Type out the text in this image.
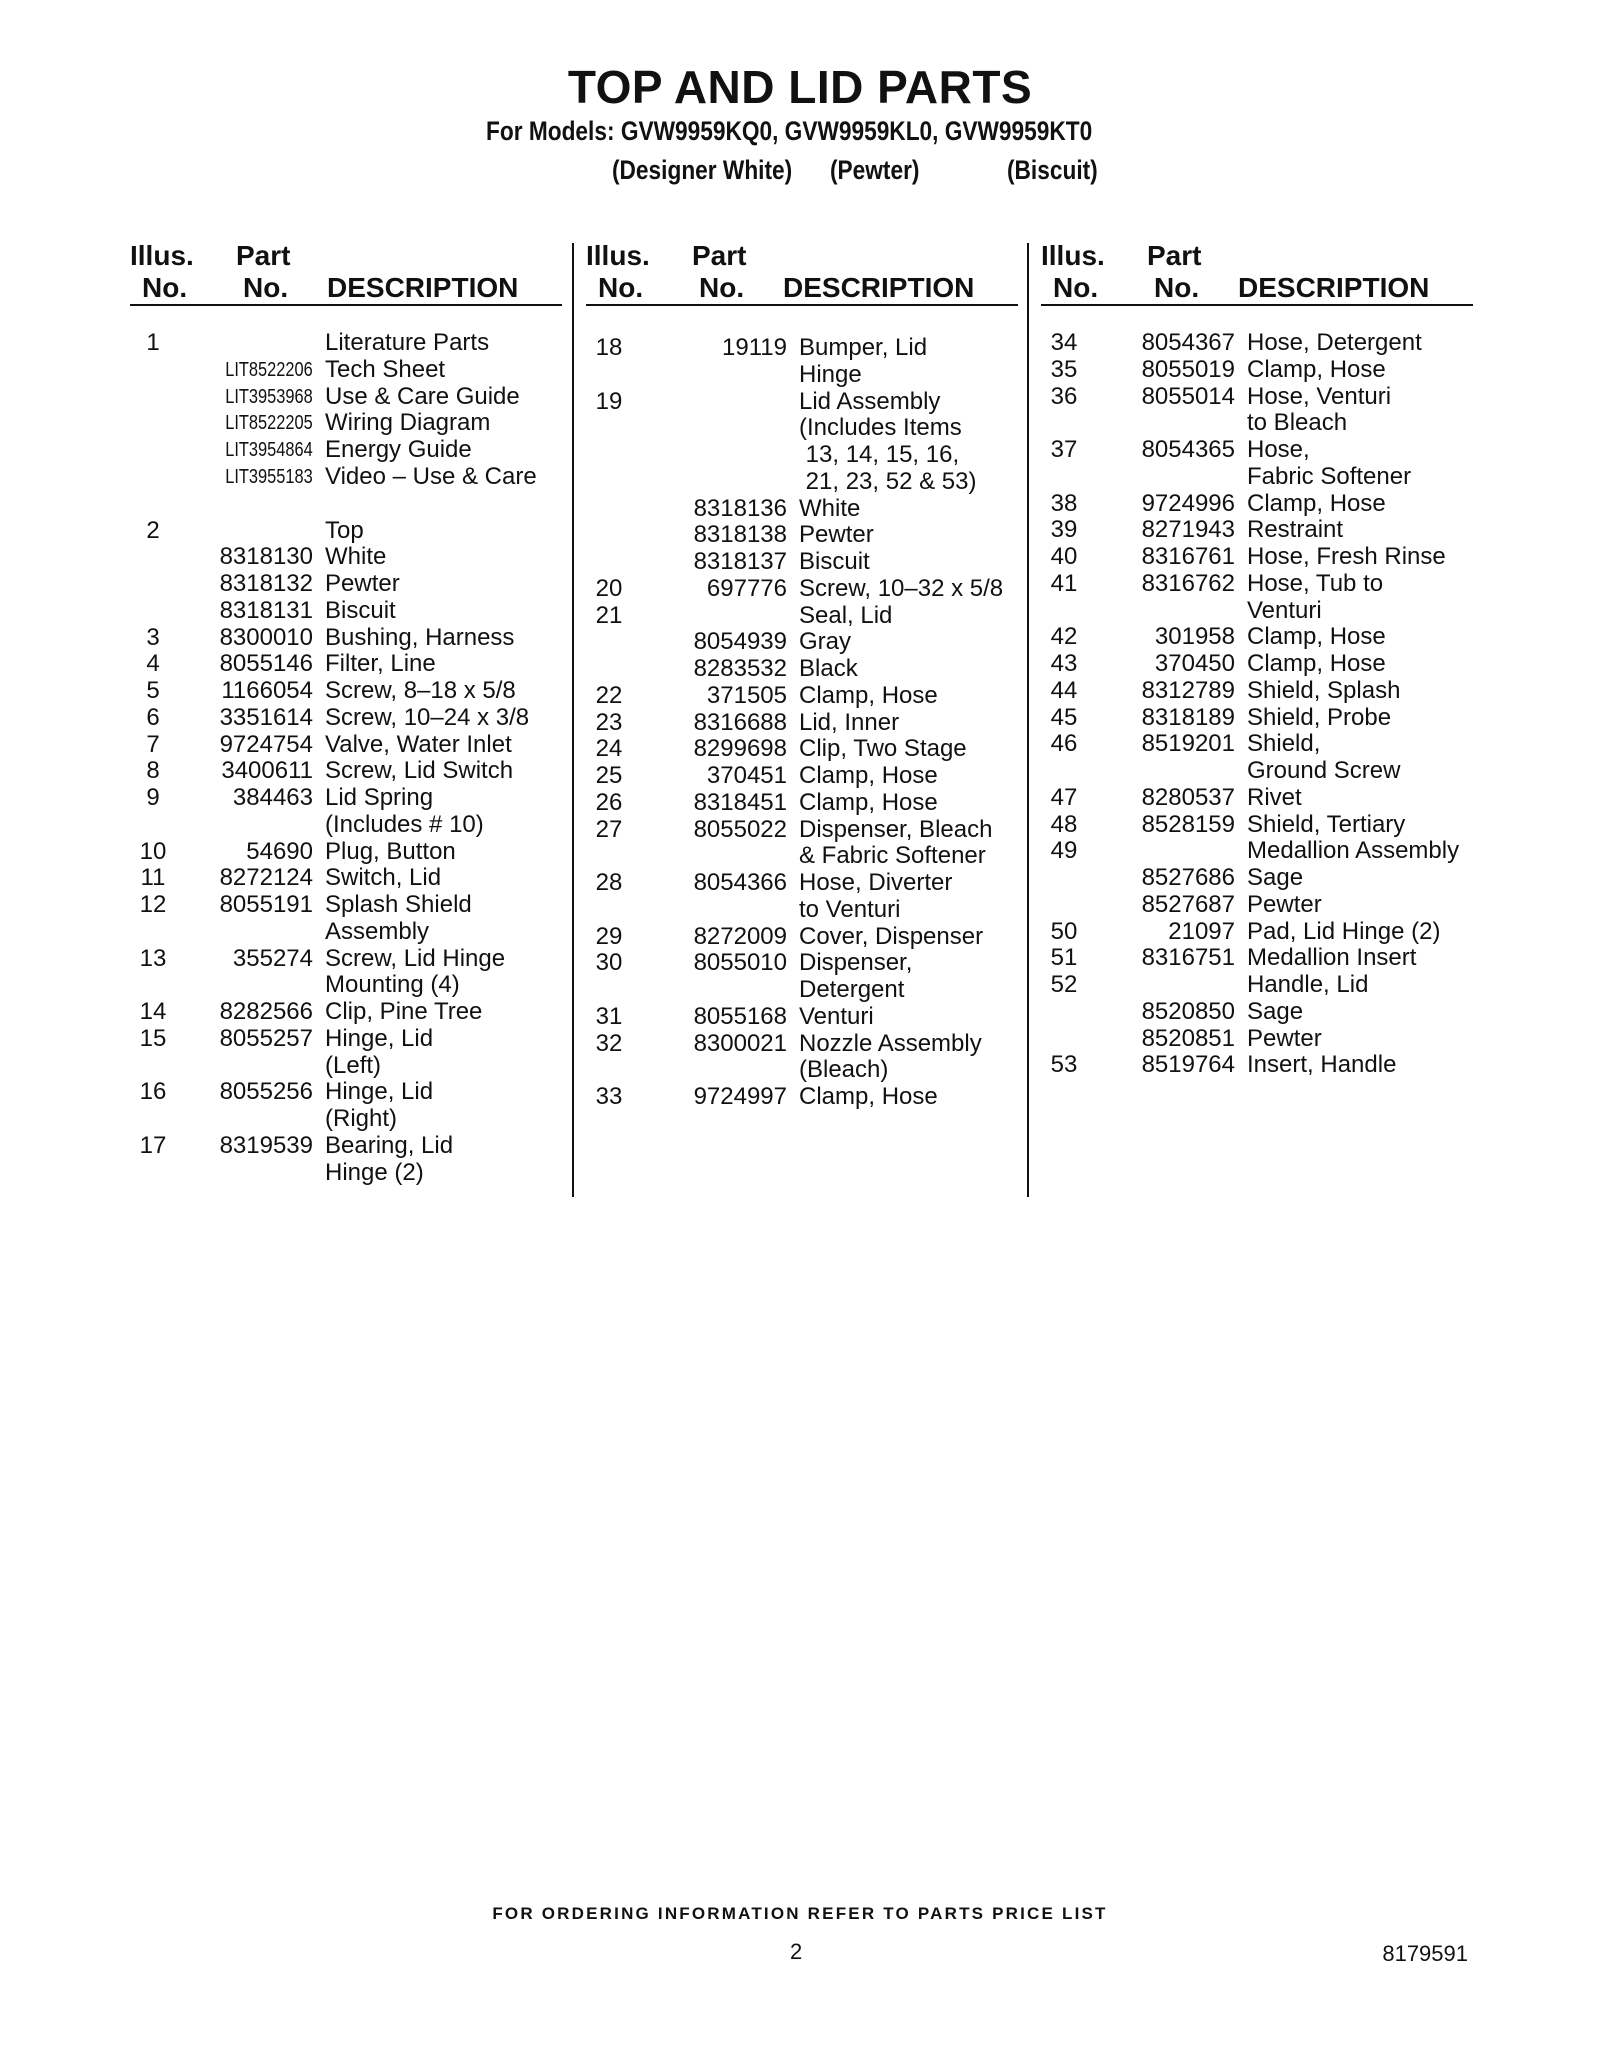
TOP AND LID PARTS
For Models: GVW9959KQ0, GVW9959KL0, GVW9959KT0
(Designer White) (Pewter)	(Biscuit)
Illus.
No.
Part
No. DESCRIPTION
Illus.
No.
Part
No. DESCRIPTION
Illus.
No.
Part
No. DESCRIPTION
1	Literature Parts
LIT8522206 Tech Sheet
LIT3953968 Use & Care Guide
LIT8522205 Wiring Diagram
LIT3954864 Energy Guide
LIT3955183 Video – Use & Care
2	Top
8318130 White
8318132 Pewter
8318131 Biscuit
3	8300010 Bushing, Harness
4	8055146 Filter, Line
5	1166054 Screw, 8–18 x 5/8
6	3351614 Screw, 10–24 x 3/8
7	9724754 Valve, Water Inlet
8	3400611 Screw, Lid Switch
9	384463 Lid Spring
(Includes # 10)
10	54690 Plug, Button
11 8272124 Switch, Lid
12 8055191 Splash Shield
Assembly
13	355274 Screw, Lid Hinge
Mounting (4)
14 8282566 Clip, Pine Tree
15 8055257 Hinge, Lid
(Left)
16 8055256 Hinge, Lid
(Right)
17 8319539 Bearing, Lid
Hinge (2)
18	19119 Bumper, Lid
Hinge
19	Lid Assembly
(Includes Items
13, 14, 15, 16,
21, 23, 52 & 53)
8318136 White
8318138 Pewter
8318137 Biscuit
20	697776 Screw, 10–32 x 5/8
21	Seal, Lid
8054939 Gray
8283532 Black
22	371505 Clamp, Hose
23	8316688 Lid, Inner
24	8299698 Clip, Two Stage
25	370451 Clamp, Hose
26	8318451 Clamp, Hose
27	8055022 Dispenser, Bleach
& Fabric Softener
28	8054366 Hose, Diverter
to Venturi
29	8272009 Cover, Dispenser
30	8055010 Dispenser,
Detergent
31	8055168 Venturi
32	8300021 Nozzle Assembly
(Bleach)
33	9724997 Clamp, Hose
34	8054367 Hose, Detergent
35	8055019 Clamp, Hose
36	8055014 Hose, Venturi
to Bleach
37	8054365 Hose,
Fabric Softener
38	9724996 Clamp, Hose
39	8271943 Restraint
40	8316761 Hose, Fresh Rinse
41	8316762 Hose, Tub to
Venturi
42	301958 Clamp, Hose
43	370450 Clamp, Hose
44	8312789 Shield, Splash
45	8318189 Shield, Probe
46	8519201 Shield,
Ground Screw
47	8280537 Rivet
48	8528159 Shield, Tertiary
49	Medallion Assembly
8527686 Sage
8527687 Pewter
50	21097 Pad, Lid Hinge (2)
51	8316751 Medallion Insert
52	Handle, Lid
8520850 Sage
8520851 Pewter
53	8519764 Insert, Handle
FOR ORDERING INFORMATION REFER TO PARTS PRICE LIST
2	8179591
